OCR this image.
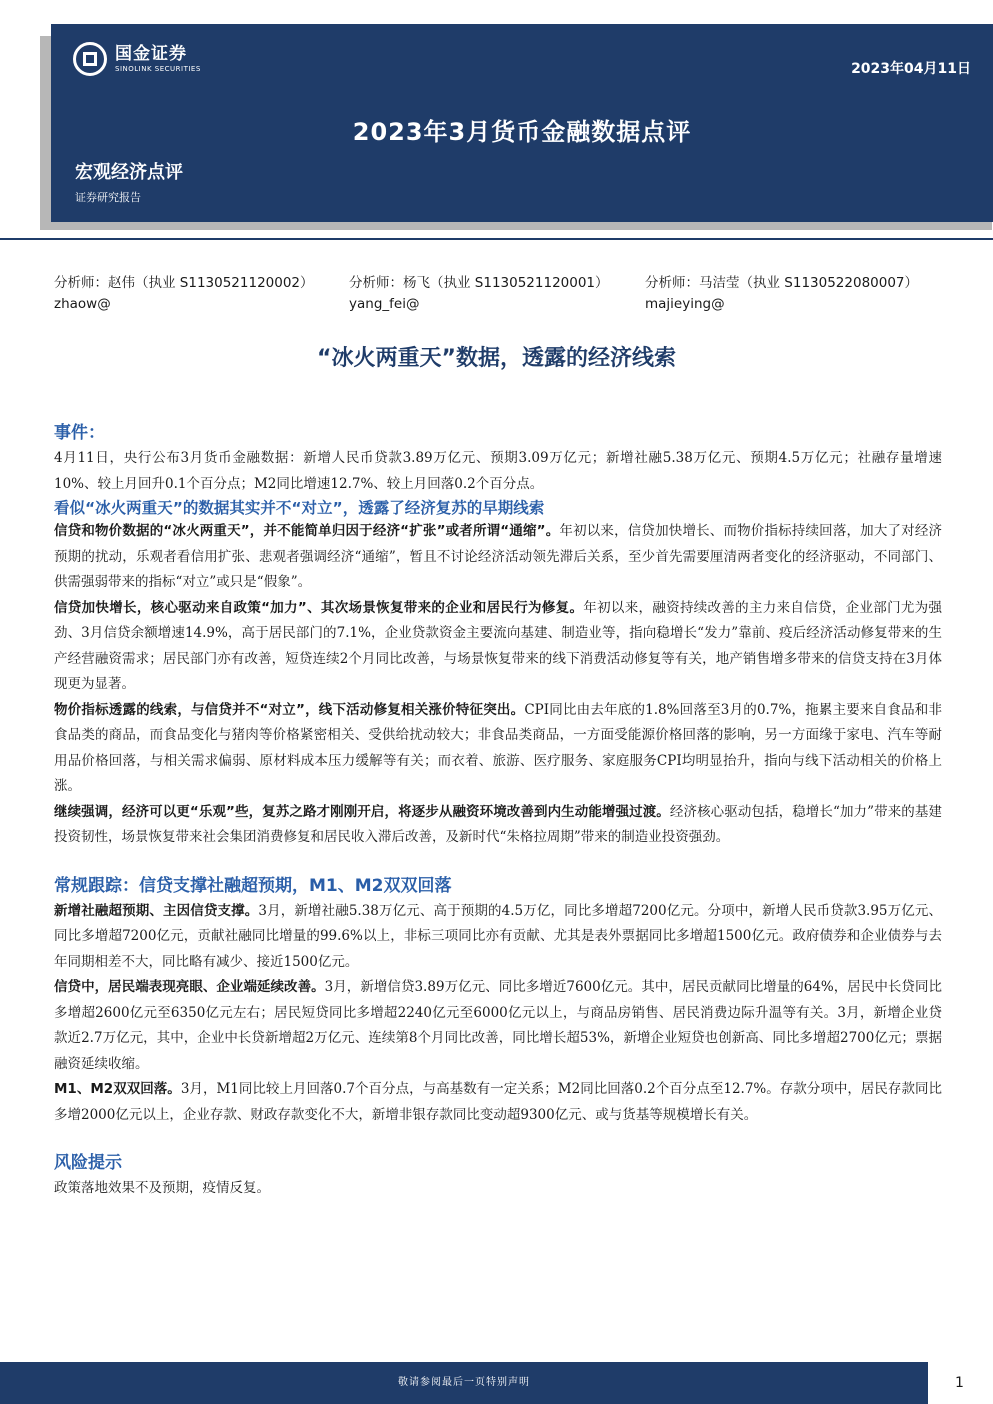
国金证券
SINOLINK SECURITIES	2023年04月11日
2023年3月货币金融数据点评
宏观经济点评
证券研究报告
分析师：赵伟（执业 S1130521120002）
zhaow@
分析师：杨飞（执业 S1130521120001）
yang_fei@
分析师：马洁莹（执业 S1130522080007）
majieying@
“冰火两重天”数据，透露的经济线索
事件：

4月11日，央行公布3月货币金融数据：新增人民币贷款3.89万亿元、预期3.09万亿元；新增社融5.38万亿元、预期4.5万亿元；社融存量增速10%、较上月回升0.1个百分点；M2同比增速12.7%、较上月回落0.2个百分点。

看似“冰火两重天”的数据其实并不“对立”，透露了经济复苏的早期线索

信贷和物价数据的“冰火两重天”，并不能简单归因于经济“扩张”或者所谓“通缩”。年初以来，信贷加快增长、而物价指标持续回落，加大了对经济预期的扰动，乐观者看信用扩张、悲观者强调经济“通缩”，暂且不讨论经济活动领先滞后关系，至少首先需要厘清两者变化的经济驱动，不同部门、供需强弱带来的指标“对立”或只是“假象”。

信贷加快增长，核心驱动来自政策“加力”、其次场景恢复带来的企业和居民行为修复。年初以来，融资持续改善的主力来自信贷，企业部门尤为强劲、3月信贷余额增速14.9%，高于居民部门的7.1%，企业贷款资金主要流向基建、制造业等，指向稳增长“发力”靠前、疫后经济活动修复带来的生产经营融资需求；居民部门亦有改善，短贷连续2个月同比改善，与场景恢复带来的线下消费活动修复等有关，地产销售增多带来的信贷支持在3月体现更为显著。

物价指标透露的线索，与信贷并不“对立”，线下活动修复相关涨价特征突出。CPI同比由去年底的1.8%回落至3月的0.7%，拖累主要来自食品和非食品类的商品，而食品变化与猪肉等价格紧密相关、受供给扰动较大；非食品类商品，一方面受能源价格回落的影响，另一方面缘于家电、汽车等耐用品价格回落，与相关需求偏弱、原材料成本压力缓解等有关；而衣着、旅游、医疗服务、家庭服务CPI均明显抬升，指向与线下活动相关的价格上涨。

继续强调，经济可以更“乐观”些，复苏之路才刚刚开启，将逐步从融资环境改善到内生动能增强过渡。经济核心驱动包括，稳增长“加力”带来的基建投资韧性，场景恢复带来社会集团消费修复和居民收入滞后改善，及新时代“朱格拉周期”带来的制造业投资强劲。

常规跟踪：信贷支撑社融超预期，M1、M2双双回落

新增社融超预期、主因信贷支撑。3月，新增社融5.38万亿元、高于预期的4.5万亿，同比多增超7200亿元。分项中，新增人民币贷款3.95万亿元、同比多增超7200亿元，贡献社融同比增量的99.6%以上，非标三项同比亦有贡献、尤其是表外票据同比多增超1500亿元。政府债券和企业债券与去年同期相差不大，同比略有减少、接近1500亿元。

信贷中，居民端表现亮眼、企业端延续改善。3月，新增信贷3.89万亿元、同比多增近7600亿元。其中，居民贡献同比增量的64%，居民中长贷同比多增超2600亿元至6350亿元左右；居民短贷同比多增超2240亿元至6000亿元以上，与商品房销售、居民消费边际升温等有关。3月，新增企业贷款近2.7万亿元，其中，企业中长贷新增超2万亿元、连续第8个月同比改善，同比增长超53%，新增企业短贷也创新高、同比多增超2700亿元；票据融资延续收缩。

M1、M2双双回落。3月，M1同比较上月回落0.7个百分点，与高基数有一定关系；M2同比回落0.2个百分点至12.7%。存款分项中，居民存款同比多增2000亿元以上，企业存款、财政存款变化不大，新增非银存款同比变动超9300亿元、或与货基等规模增长有关。

风险提示

政策落地效果不及预期，疫情反复。

敬请参阅最后一页特别声明	1
